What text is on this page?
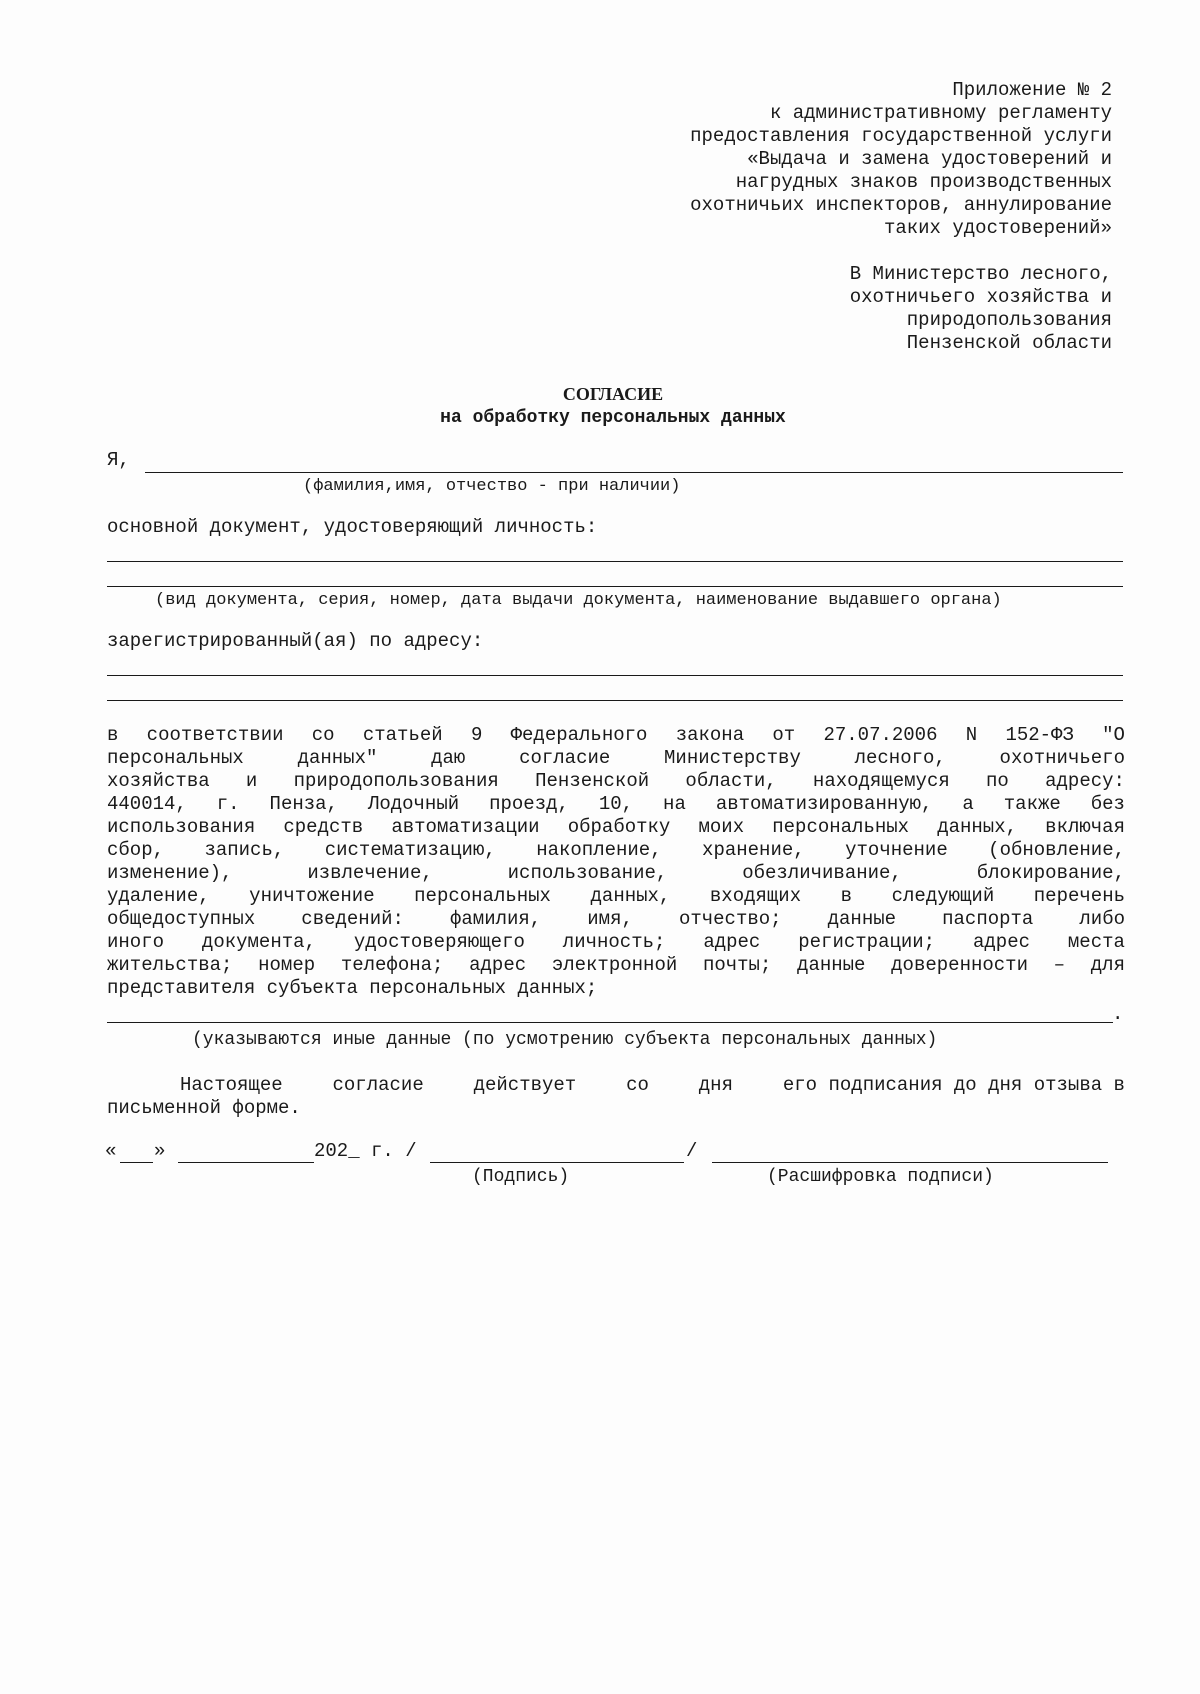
Приложение № 2
к административному регламенту
предоставления государственной услуги
«Выдача и замена удостоверений и
нагрудных знаков производственных
охотничьих инспекторов, аннулирование
таких удостоверений»
В Министерство лесного,
охотничьего хозяйства и
природопользования
Пензенской области
СОГЛАСИЕ
на обработку персональных данных
Я,
(фамилия,имя, отчество - при наличии)
основной документ, удостоверяющий личность:
(вид документа, серия, номер, дата выдачи документа, наименование выдавшего органа)
зарегистрированный(ая) по адресу:
в соответствии со статьей 9 Федерального закона от 27.07.2006 N 152-ФЗ "О
персональных	данных"	даю	согласие	Министерству	лесного,	охотничьего
хозяйства и природопользования Пензенской области, находящемуся по адресу:
440014, г. Пенза, Лодочный проезд, 10, на автоматизированную, а также без
использования средств автоматизации обработку моих персональных данных, включая
сбор, запись, систематизацию, накопление, хранение, уточнение (обновление,
изменение),	извлечение,	использование,	обезличивание,	блокирование,
удаление, уничтожение персональных данных, входящих в следующий перечень
общедоступных сведений: фамилия, имя, отчество; данные паспорта либо
иного документа, удостоверяющего личность; адрес регистрации; адрес места
жительства; номер телефона; адрес электронной почты; данные доверенности – для
представителя субъекта персональных данных;
.
(указываются иные данные (по усмотрению субъекта персональных данных)
Настоящее	согласие	действует	со	дня	его подписания до дня отзыва в
письменной форме.
« »	202_ г. /	/
(Подпись)	(Расшифровка подписи)
